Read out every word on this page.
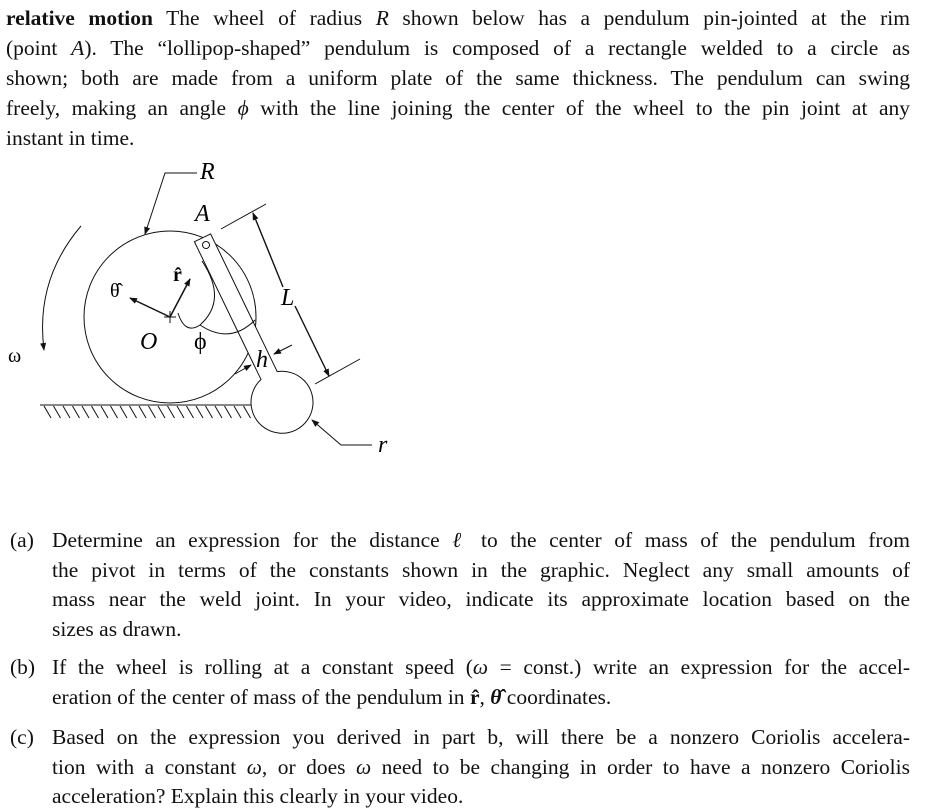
relative motion The wheel of radius R shown below has a pendulum pin-jointed at the rim
(point A). The “lollipop-shaped” pendulum is composed of a rectangle welded to a circle as
shown; both are made from a uniform plate of the same thickness. The pendulum can swing
freely, making an angle ϕ with the line joining the center of the wheel to the pin joint at any
instant in time.
R
A
L
O ϕ
ω	h
r
r̂
θ̂
(a) Determine an expression for the distance ℓ to the center of mass of the pendulum from
the pivot in terms of the constants shown in the graphic. Neglect any small amounts of
mass near the weld joint. In your video, indicate its approximate location based on the
sizes as drawn.
(b) If the wheel is rolling at a constant speed (ω = const.) write an expression for the accel-
eration of the center of mass of the pendulum in r̂, θ̂ coordinates.
(c) Based on the expression you derived in part b, will there be a nonzero Coriolis accelera-
tion with a constant ω, or does ω need to be changing in order to have a nonzero Coriolis
acceleration? Explain this clearly in your video.
